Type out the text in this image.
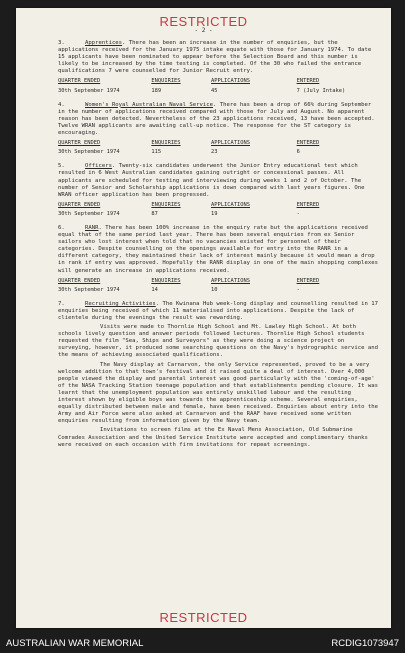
RESTRICTED
- 2 -

3.	Apprentices. There has been an increase in the number of enquiries, but the applications received for the January 1975 intake equate with those for January 1974. To date 15 applicants have been nominated to appear before the Selection Board and this number is likely to be increased by the time testing is completed. Of the 30 who failed the entrance qualifications 7 were counselled for Junior Recruit entry.

QUARTER ENDED	ENQUIRIES	APPLICATIONS	ENTERED
30th September 1974	189	45	7 (July Intake)

4.	Women's Royal Australian Naval Service. There has been a drop of 66% during September in the number of applications received compared with those for July and August. No apparent reason has been detected. Nevertheless of the 23 applications received, 13 have been accepted. Twelve WRAN applicants are awaiting call-up notice. The response for the ST category is encouraging.

QUARTER ENDED	ENQUIRIES	APPLICATIONS	ENTERED
30th September 1974	115	23	6

5.	Officers. Twenty-six candidates underwent the Junior Entry educational test which resulted in 6 West Australian candidates gaining outright or concessional passes. All applicants are scheduled for testing and interviewing during weeks 1 and 2 of October. The number of Senior and Scholarship applications is down compared with last years figures. One WRAN officer application has been progressed.

QUARTER ENDED	ENQUIRIES	APPLICATIONS	ENTERED
30th September 1974	87	19	-

6.	RANR. There has been 100% increase in the enquiry rate but the applications received equal that of the same period last year. There has been several enquiries from ex Senior sailors who lost interest when told that no vacancies existed for personnel of their categories. Despite counselling on the openings available for entry into the RANR in a different category, they maintained their lack of interest mainly because it would mean a drop in rank if entry was approved. Hopefully the RANR display in one of the main shopping complexes will generate an increase in applications received.

QUARTER ENDED	ENQUIRIES	APPLICATIONS	ENTERED
30th September 1974	14	10	-

7.	Recruiting Activities. The Kwinana Hub week-long display and counselling resulted in 17 enquiries being received of which 11 materialised into applications. Despite the lack of clientele during the evenings the result was rewarding.

Visits were made to Thornlie High School and Mt. Lawley High School. At both schools lively question and answer periods followed lectures. Thornlie High School students requested the film "Sea, Ships and Surveyors" as they were doing a science project on surveying, however, it produced some searching questions on the Navy's hydrographic service and the means of achieving associated qualifications.

The Navy display at Carnarvon, the only Service represented, proved to be a very welcome addition to that town's festival and it raised quite a deal of interest. Over 4,000 people viewed the display and parental interest was good particularly with the 'coming-of-age' of the NASA Tracking Station teenage population and that establishments pending closure. It was learnt that the unemployment population was entirely unskilled labour and the resulting interest shown by eligible boys was towards the apprenticeship scheme. Several enquiries, equally distributed between male and female, have been received. Enquiries about entry into the Army and Air Force were also asked at Carnarvon and the RAAF have received some written enquiries resulting from information given by the Navy team.

Invitations to screen films at the Ex Naval Mens Association, Old Submarine Comrades Association and the United Service Institute were accepted and complimentary thanks were received on each occasion with firm invitations for repeat screenings.

RESTRICTED
AUSTRALIAN WAR MEMORIAL	RCDIG1073947
